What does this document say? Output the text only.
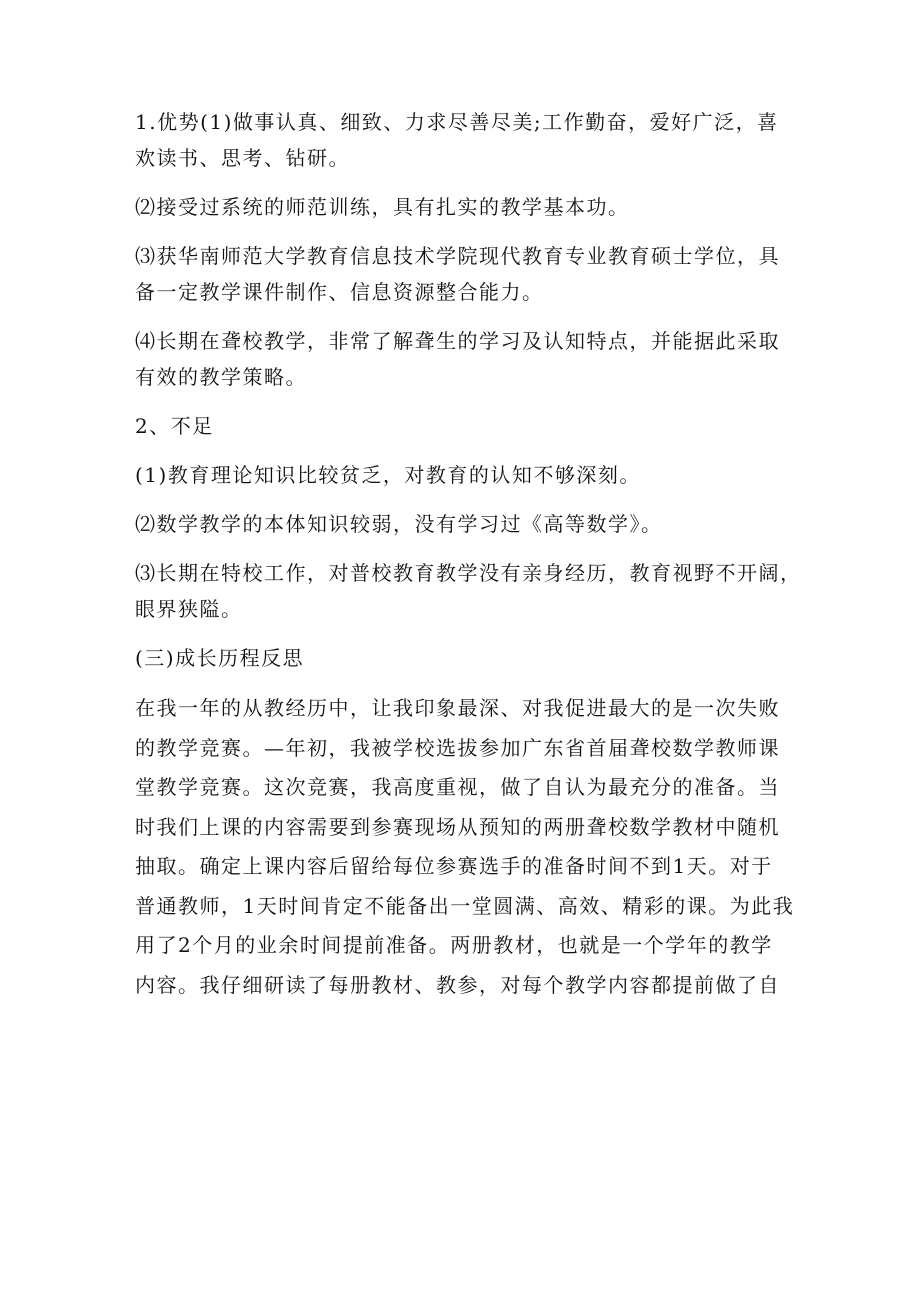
1.优势(1)做事认真、细致、力求尽善尽美;工作勤奋，爱好广泛，喜
欢读书、思考、钻研。
⑵接受过系统的师范训练，具有扎实的教学基本功。
⑶获华南师范大学教育信息技术学院现代教育专业教育硕士学位，具
备一定教学课件制作、信息资源整合能力。
⑷长期在聋校教学，非常了解聋生的学习及认知特点，并能据此采取
有效的教学策略。
2、不足
(1)教育理论知识比较贫乏，对教育的认知不够深刻。
⑵数学教学的本体知识较弱，没有学习过《高等数学》。
⑶长期在特校工作，对普校教育教学没有亲身经历，教育视野不开阔，
眼界狭隘。
(三)成长历程反思
在我一年的从教经历中，让我印象最深、对我促进最大的是一次失败
的教学竞赛。—年初，我被学校选拔参加广东省首届聋校数学教师课
堂教学竞赛。这次竞赛，我高度重视，做了自认为最充分的准备。当
时我们上课的内容需要到参赛现场从预知的两册聋校数学教材中随机
抽取。确定上课内容后留给每位参赛选手的准备时间不到1天。对于
普通教师，1天时间肯定不能备出一堂圆满、高效、精彩的课。为此我
用了2个月的业余时间提前准备。两册教材，也就是一个学年的教学
内容。我仔细研读了每册教材、教参，对每个教学内容都提前做了自
